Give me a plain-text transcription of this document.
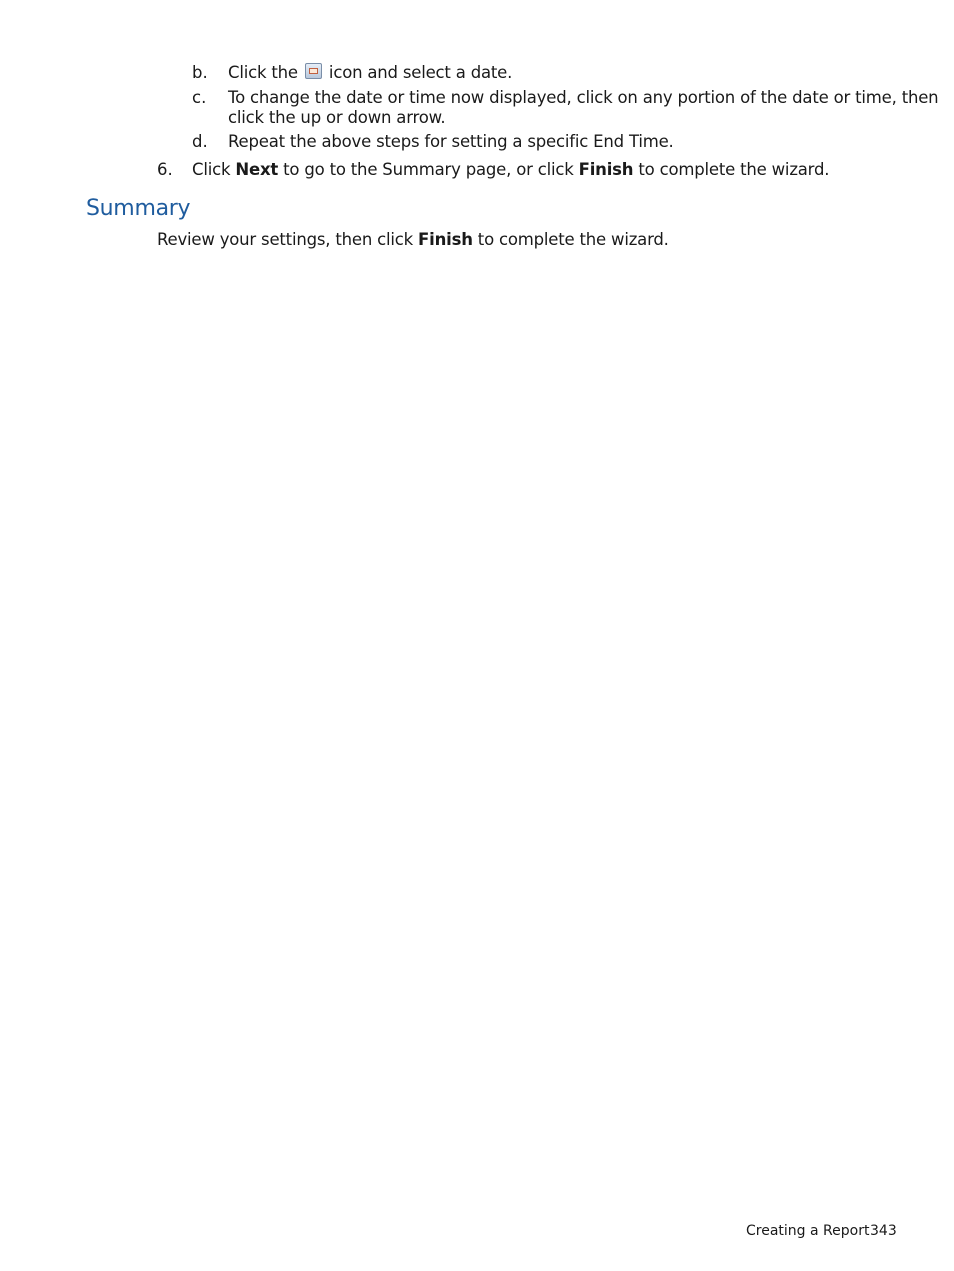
b. Click the  icon and select a date.
c. To change the date or time now displayed, click on any portion of the date or time, then
click the up or down arrow.
d. Repeat the above steps for setting a specific End Time.
6. Click Next to go to the Summary page, or click Finish to complete the wizard.
Summary
Review your settings, then click Finish to complete the wizard.
Creating a Report 343
